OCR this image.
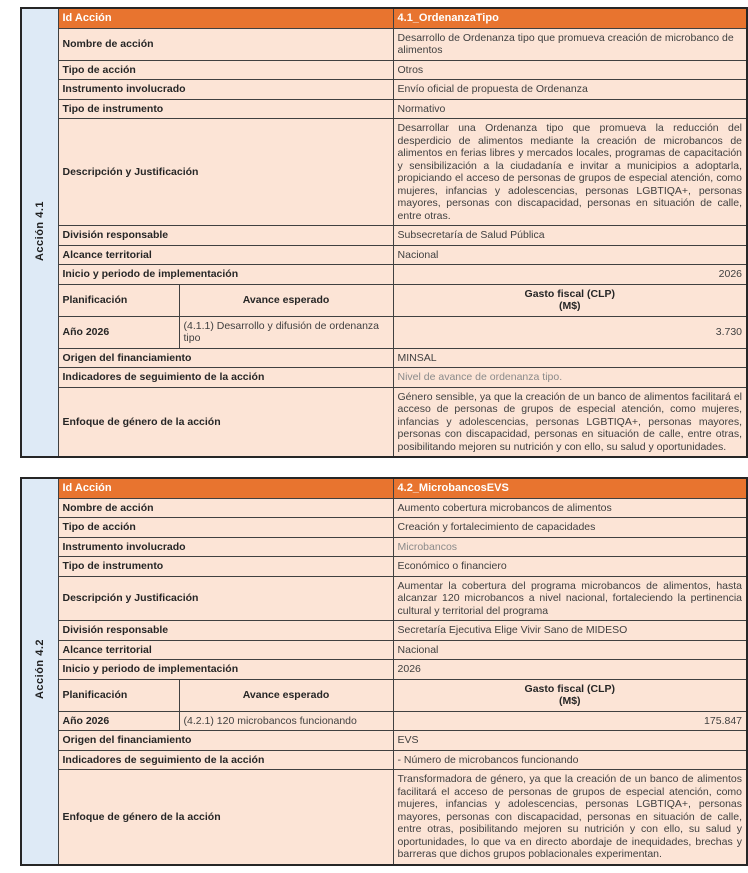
Acción 4.1	Id Acción		4.1_OrdenanzaTipo
	Nombre de acción		Desarrollo de Ordenanza tipo que promueva creación de microbanco de alimentos
	Tipo de acción		Otros
	Instrumento involucrado		Envío oficial de propuesta de Ordenanza
	Tipo de instrumento		Normativo
	Descripción y Justificación		Desarrollar una Ordenanza tipo que promueva la reducción del desperdicio de alimentos mediante la creación de microbancos de alimentos en ferias libres y mercados locales, programas de capacitación y sensibilización a la ciudadanía e invitar a municipios a adoptarla, propiciando el acceso de personas de grupos de especial atención, como mujeres, infancias y adolescencias, personas LGBTIQA+, personas mayores, personas con discapacidad, personas en situación de calle, entre otras.
	División responsable		Subsecretaría de Salud Pública
	Alcance territorial		Nacional
	Inicio y periodo de implementación		2026
	Planificación	Avance esperado	Gasto fiscal (CLP)
(M$)

	Año 2026	(4.1.1) Desarrollo y difusión de ordenanza tipo	3.730
	Origen del financiamiento		MINSAL
	Indicadores de seguimiento de la acción		Nivel de avance de ordenanza tipo.
	Enfoque de género de la acción		Género sensible, ya que la creación de un banco de alimentos facilitará el acceso de personas de grupos de especial atención, como mujeres, infancias y adolescencias, personas LGBTIQA+, personas mayores, personas con discapacidad, personas en situación de calle, entre otras, posibilitando mejoren su nutrición y con ello, su salud y oportunidades.
Acción 4.2	Id Acción		4.2_MicrobancosEVS
	Nombre de acción		Aumento cobertura microbancos de alimentos
	Tipo de acción		Creación y fortalecimiento de capacidades
	Instrumento involucrado		Microbancos
	Tipo de instrumento		Económico o financiero
	Descripción y Justificación		Aumentar la cobertura del programa microbancos de alimentos, hasta alcanzar 120 microbancos a nivel nacional, fortaleciendo la pertinencia cultural y territorial del programa
	División responsable		Secretaría Ejecutiva Elige Vivir Sano de MIDESO
	Alcance territorial		Nacional
	Inicio y periodo de implementación		2026
	Planificación	Avance esperado	Gasto fiscal (CLP)
(M$)

	Año 2026	(4.2.1) 120 microbancos funcionando	175.847
	Origen del financiamiento		EVS
	Indicadores de seguimiento de la acción		- Número de microbancos funcionando
	Enfoque de género de la acción		Transformadora de género, ya que la creación de un banco de alimentos facilitará el acceso de personas de grupos de especial atención, como mujeres, infancias y adolescencias, personas LGBTIQA+, personas mayores, personas con discapacidad, personas en situación de calle, entre otras, posibilitando mejoren su nutrición y con ello, su salud y oportunidades, lo que va en directo abordaje de inequidades, brechas y barreras que dichos grupos poblacionales experimentan.
